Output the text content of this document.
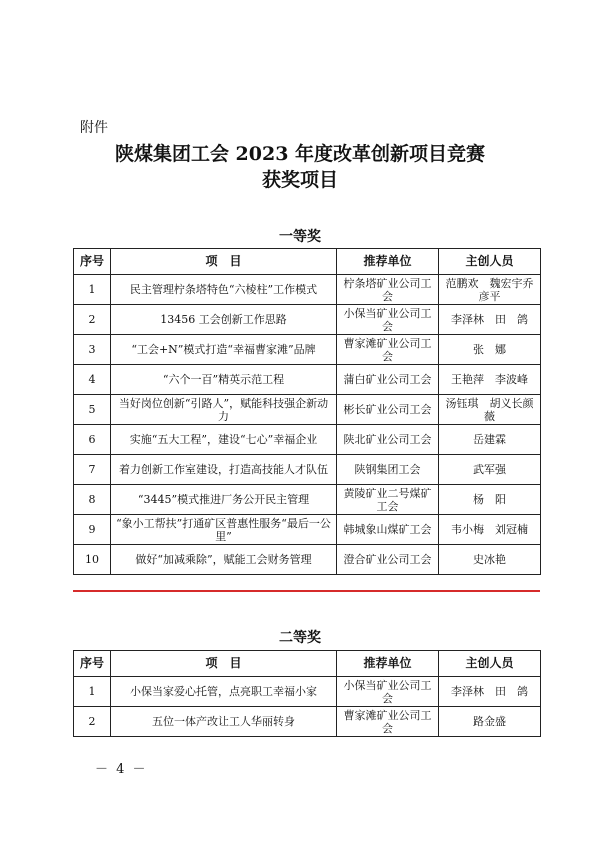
附件
陕煤集团工会 2023 年度改革创新项目竞赛
获奖项目
一等奖
序号	项　目	推荐单位	主创人员
1	民主管理柠条塔特色“六棱柱”工作模式	柠条塔矿业公司工会	范鹏欢　魏宏宇乔彦平
2	13456 工会创新工作思路	小保当矿业公司工会	李泽林　田　鸽
3	“工会+N”模式打造“幸福曹家滩”品牌	曹家滩矿业公司工会	张　娜
4	“六个一百”精英示范工程	蒲白矿业公司工会	王艳萍　李波峰
5	当好岗位创新“引路人”，赋能科技强企新动力	彬长矿业公司工会	汤钰琪　胡义长颜　薇
6	实施“五大工程”，建设“七心”幸福企业	陕北矿业公司工会	岳建霖
7	着力创新工作室建设，打造高技能人才队伍	陕钢集团工会	武军强
8	“3445”模式推进厂务公开民主管理	黄陵矿业二号煤矿工会	杨　阳
9	“象小工帮扶”打通矿区普惠性服务“最后一公里”	韩城象山煤矿工会	韦小梅　刘冠楠
10	做好“加减乘除”，赋能工会财务管理	澄合矿业公司工会	史冰艳
二等奖
序号	项　目	推荐单位	主创人员
1	小保当家爱心托管，点亮职工幸福小家	小保当矿业公司工会	李泽林　田　鸽
2	五位一体产改让工人华丽转身	曹家滩矿业公司工会	路金盛
－ 4 －
